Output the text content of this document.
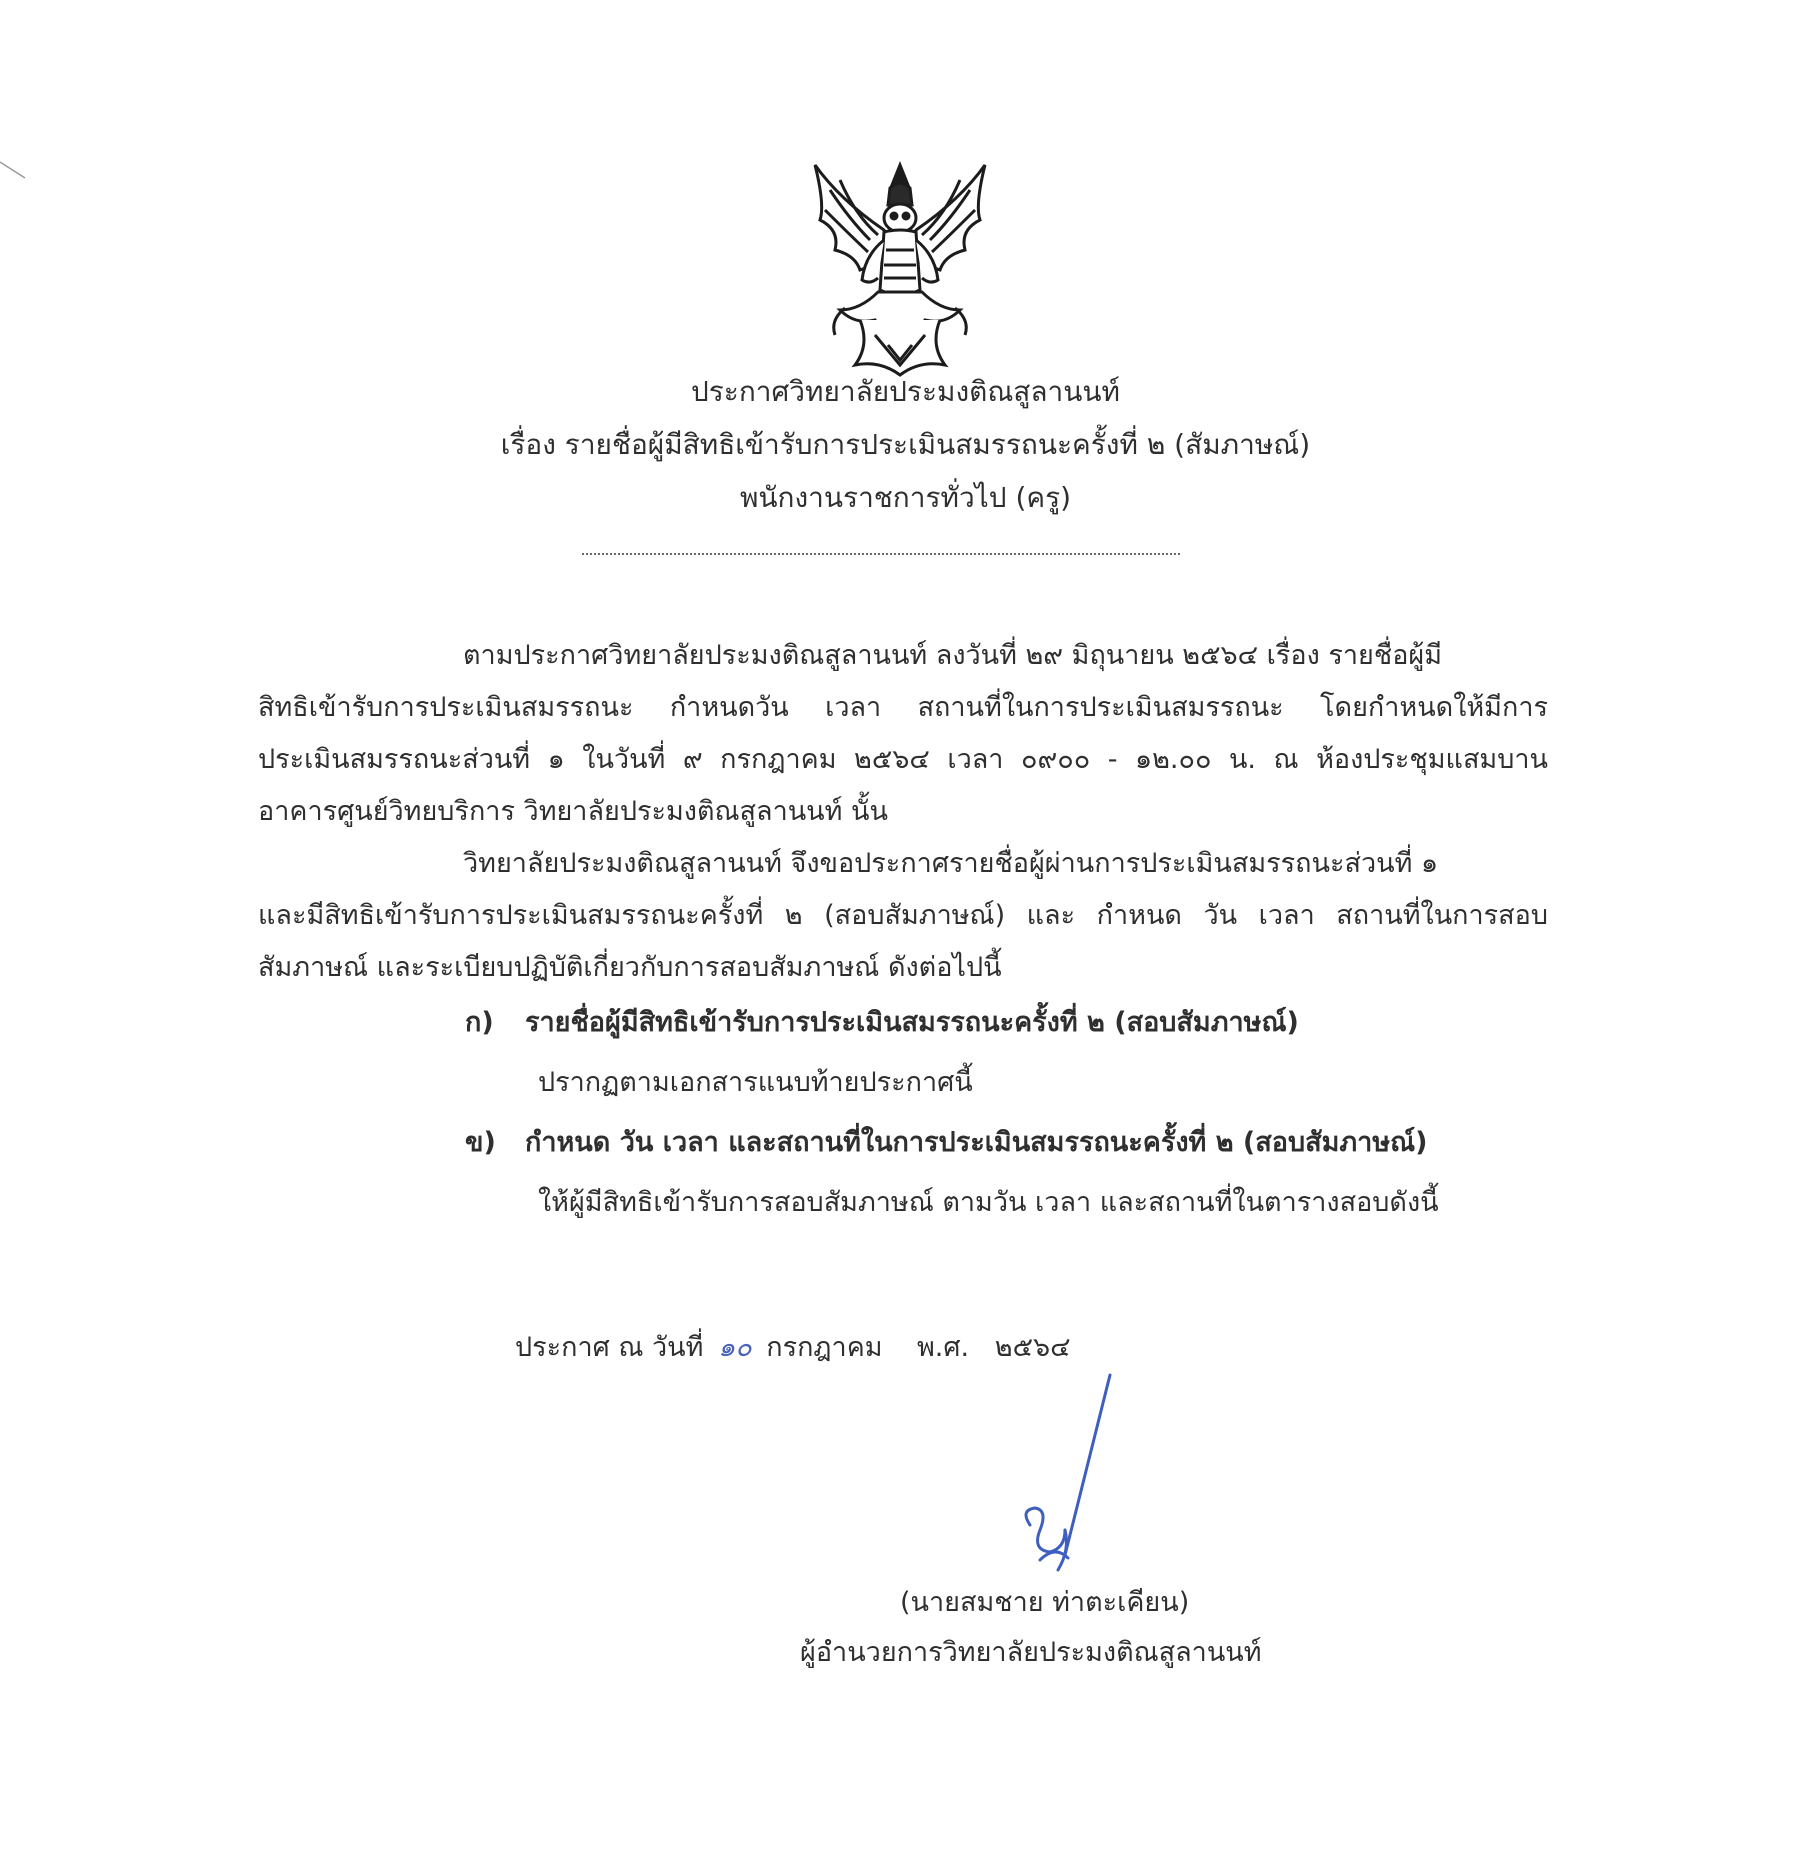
ประกาศวิทยาลัยประมงติณสูลานนท์
เรื่อง รายชื่อผู้มีสิทธิเข้ารับการประเมินสมรรถนะครั้งที่ ๒ (สัมภาษณ์)
พนักงานราชการทั่วไป (ครู)
ตามประกาศวิทยาลัยประมงติณสูลานนท์ ลงวันที่ ๒๙ มิถุนายน ๒๕๖๔ เรื่อง รายชื่อผู้มี
สิทธิเข้ารับการประเมินสมรรถนะ กำหนดวัน เวลา สถานที่ในการประเมินสมรรถนะ โดยกำหนดให้มีการ
ประเมินสมรรถนะส่วนที่ ๑ ในวันที่ ๙ กรกฎาคม ๒๕๖๔ เวลา ๐๙๐๐ - ๑๒.๐๐ น. ณ ห้องประชุมแสมบาน
อาคารศูนย์วิทยบริการ วิทยาลัยประมงติณสูลานนท์ นั้น
วิทยาลัยประมงติณสูลานนท์ จึงขอประกาศรายชื่อผู้ผ่านการประเมินสมรรถนะส่วนที่ ๑
และมีสิทธิเข้ารับการประเมินสมรรถนะครั้งที่ ๒ (สอบสัมภาษณ์) และ กำหนด วัน เวลา สถานที่ในการสอบ
สัมภาษณ์ และระเบียบปฏิบัติเกี่ยวกับการสอบสัมภาษณ์ ดังต่อไปนี้
ก) รายชื่อผู้มีสิทธิเข้ารับการประเมินสมรรถนะครั้งที่ ๒ (สอบสัมภาษณ์)
ปรากฏตามเอกสารแนบท้ายประกาศนี้
ข) กำหนด วัน เวลา และสถานที่ในการประเมินสมรรถนะครั้งที่ ๒ (สอบสัมภาษณ์)
ให้ผู้มีสิทธิเข้ารับการสอบสัมภาษณ์ ตามวัน เวลา และสถานที่ในตารางสอบดังนี้
ประกาศ ณ วันที่ ๑๐ กรกฎาคม พ.ศ. ๒๕๖๔
(นายสมชาย ท่าตะเคียน)
ผู้อำนวยการวิทยาลัยประมงติณสูลานนท์
